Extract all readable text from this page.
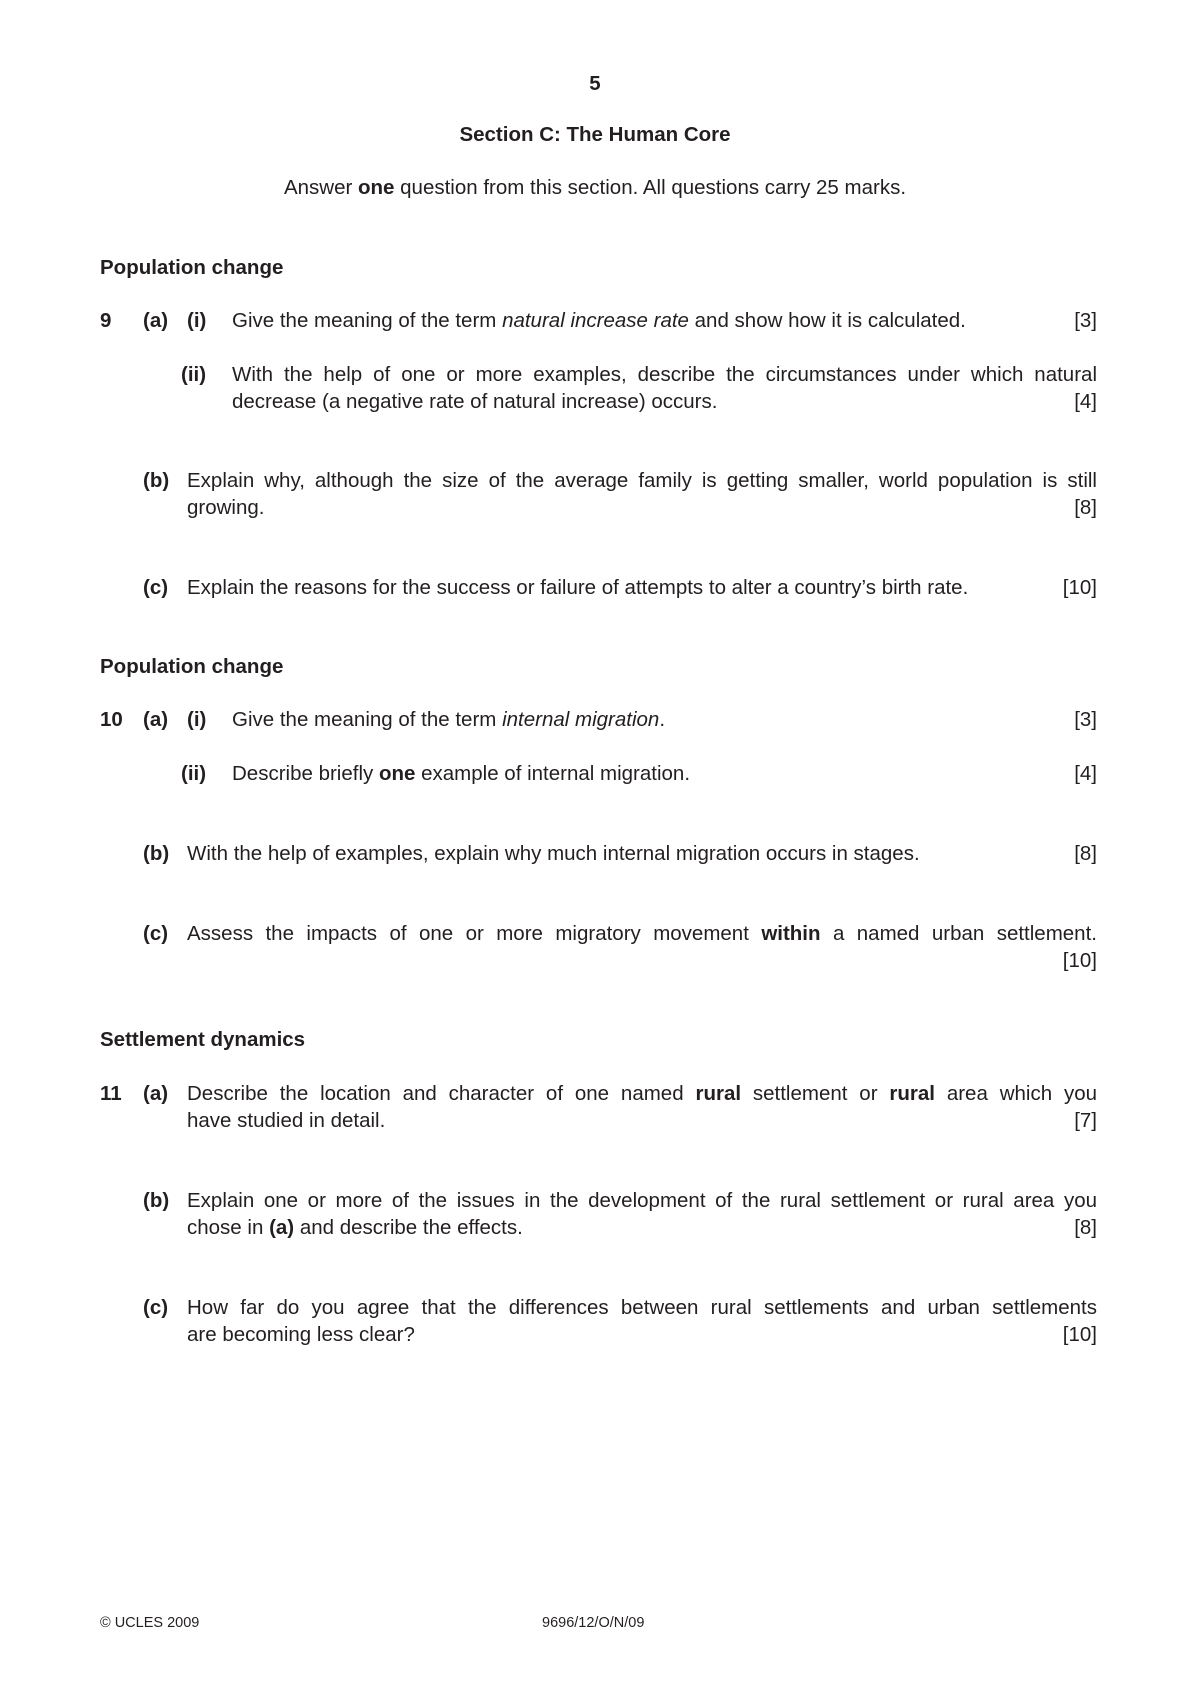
5
Section C: The Human Core
Answer one question from this section. All questions carry 25 marks.
Population change
9 (a) (i) Give the meaning of the term natural increase rate and show how it is calculated.	[3]
(ii) With the help of one or more examples, describe the circumstances under which natural
decrease (a negative rate of natural increase) occurs.	[4]
(b) Explain why, although the size of the average family is getting smaller, world population is still
growing.	[8]
(c) Explain the reasons for the success or failure of attempts to alter a country’s birth rate.	[10]
Population change
10 (a) (i) Give the meaning of the term internal migration.	[3]
(ii) Describe briefly one example of internal migration.	[4]
(b) With the help of examples, explain why much internal migration occurs in stages.	[8]
(c) Assess the impacts of one or more migratory movement within a named urban settlement.
[10]
Settlement dynamics
11 (a) Describe the location and character of one named rural settlement or rural area which you
have studied in detail.	[7]
(b) Explain one or more of the issues in the development of the rural settlement or rural area you
chose in (a) and describe the effects.	[8]
(c) How far do you agree that the differences between rural settlements and urban settlements
are becoming less clear?	[10]
© UCLES 2009	9696/12/O/N/09
